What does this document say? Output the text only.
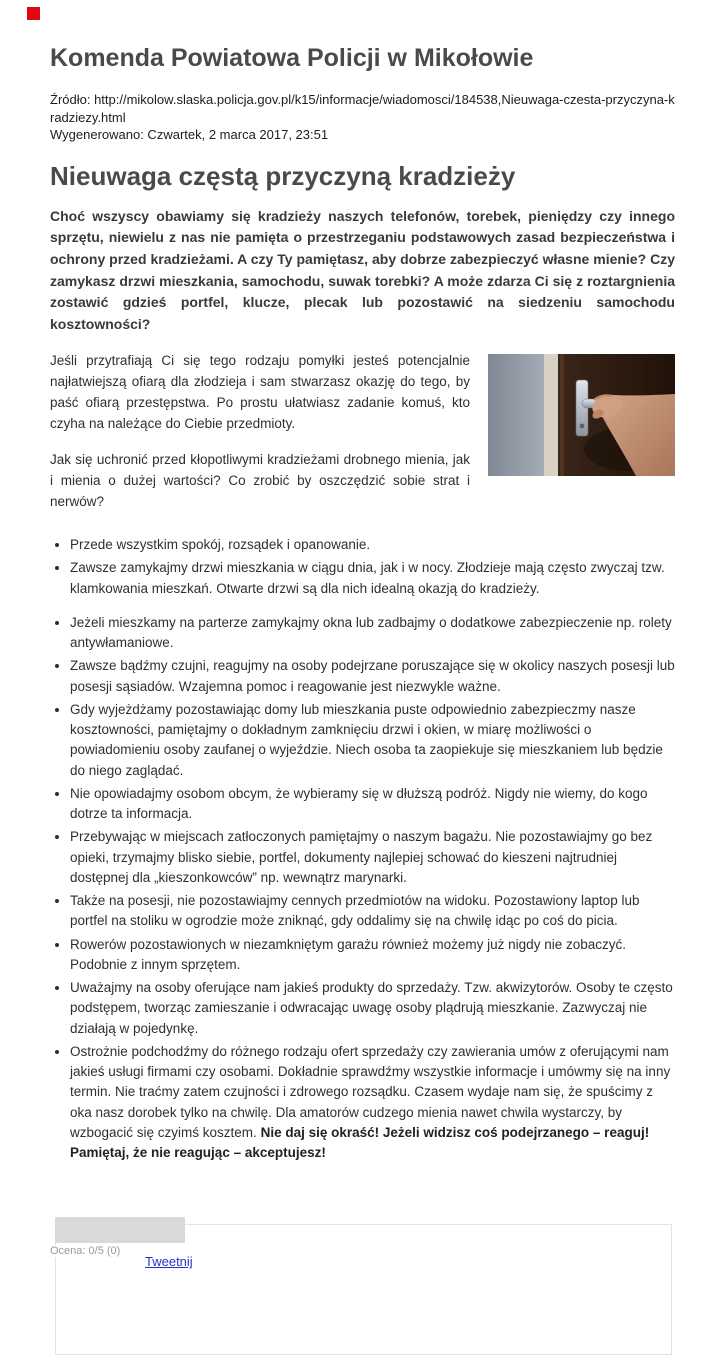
Komenda Powiatowa Policji w Mikołowie

Źródło: http://mikolow.slaska.policja.gov.pl/k15/informacje/wiadomosci/184538,Nieuwaga-czesta-przyczyna-kradziezy.html

Wygenerowano: Czwartek, 2 marca 2017, 23:51

Nieuwaga częstą przyczyną kradzieży

Choć wszyscy obawiamy się kradzieży naszych telefonów, torebek, pieniędzy czy innego sprzętu, niewielu z nas nie pamięta o przestrzeganiu podstawowych zasad bezpieczeństwa i ochrony przed kradzieżami. A czy Ty pamiętasz, aby dobrze zabezpieczyć własne mienie? Czy zamykasz drzwi mieszkania, samochodu, suwak torebki? A może zdarza Ci się z roztargnienia zostawić gdzieś portfel, klucze, plecak lub pozostawić na siedzeniu samochodu kosztowności?

Jeśli przytrafiają Ci się tego rodzaju pomyłki jesteś potencjalnie najłatwiejszą ofiarą dla złodzieja i sam stwarzasz okazję do tego, by paść ofiarą przestępstwa. Po prostu ułatwiasz zadanie komuś, kto czyha na należące do Ciebie przedmioty.

Jak się uchronić przed kłopotliwymi kradzieżami drobnego mienia, jak i mienia o dużej wartości? Co zrobić by oszczędzić sobie strat i nerwów?

• Przede wszystkim spokój, rozsądek i opanowanie.
• Zawsze zamykajmy drzwi mieszkania w ciągu dnia, jak i w nocy. Złodzieje mają często zwyczaj tzw. klamkowania mieszkań. Otwarte drzwi są dla nich idealną okazją do kradzieży.
• Jeżeli mieszkamy na parterze zamykajmy okna lub zadbajmy o dodatkowe zabezpieczenie np. rolety antywłamaniowe.
• Zawsze bądźmy czujni, reagujmy na osoby podejrzane poruszające się w okolicy naszych posesji lub posesji sąsiadów. Wzajemna pomoc i reagowanie jest niezwykle ważne.
• Gdy wyjeżdżamy pozostawiając domy lub mieszkania puste odpowiednio zabezpieczmy nasze kosztowności, pamiętajmy o dokładnym zamknięciu drzwi i okien, w miarę możliwości o powiadomieniu osoby zaufanej o wyjeździe. Niech osoba ta zaopiekuje się mieszkaniem lub będzie do niego zaglądać.
• Nie opowiadajmy osobom obcym, że wybieramy się w dłuższą podróż. Nigdy nie wiemy, do kogo dotrze ta informacja.
• Przebywając w miejscach zatłoczonych pamiętajmy o naszym bagażu. Nie pozostawiajmy go bez opieki, trzymajmy blisko siebie, portfel, dokumenty najlepiej schować do kieszeni najtrudniej dostępnej dla „kieszonkowców” np. wewnątrz marynarki.
• Także na posesji, nie pozostawiajmy cennych przedmiotów na widoku. Pozostawiony laptop lub portfel na stoliku w ogrodzie może zniknąć, gdy oddalimy się na chwilę idąc po coś do picia.
• Rowerów pozostawionych w niezamkniętym garażu również możemy już nigdy nie zobaczyć. Podobnie z innym sprzętem.
• Uważajmy na osoby oferujące nam jakieś produkty do sprzedaży. Tzw. akwizytorów. Osoby te często podstępem, tworząc zamieszanie i odwracając uwagę osoby plądrują mieszkanie. Zazwyczaj nie działają w pojedynkę.
• Ostrożnie podchodźmy do różnego rodzaju ofert sprzedaży czy zawierania umów z oferującymi nam jakieś usługi firmami czy osobami. Dokładnie sprawdźmy wszystkie informacje i umówmy się na inny termin. Nie traćmy zatem czujności i zdrowego rozsądku. Czasem wydaje nam się, że spuścimy z oka nasz dorobek tylko na chwilę. Dla amatorów cudzego mienia nawet chwila wystarczy, by wzbogacić się czyimś kosztem. Nie daj się okraść! Jeżeli widzisz coś podejrzanego – reaguj! Pamiętaj, że nie reagując – akceptujesz!
Ocena: 0/5 (0)
Tweetnij
